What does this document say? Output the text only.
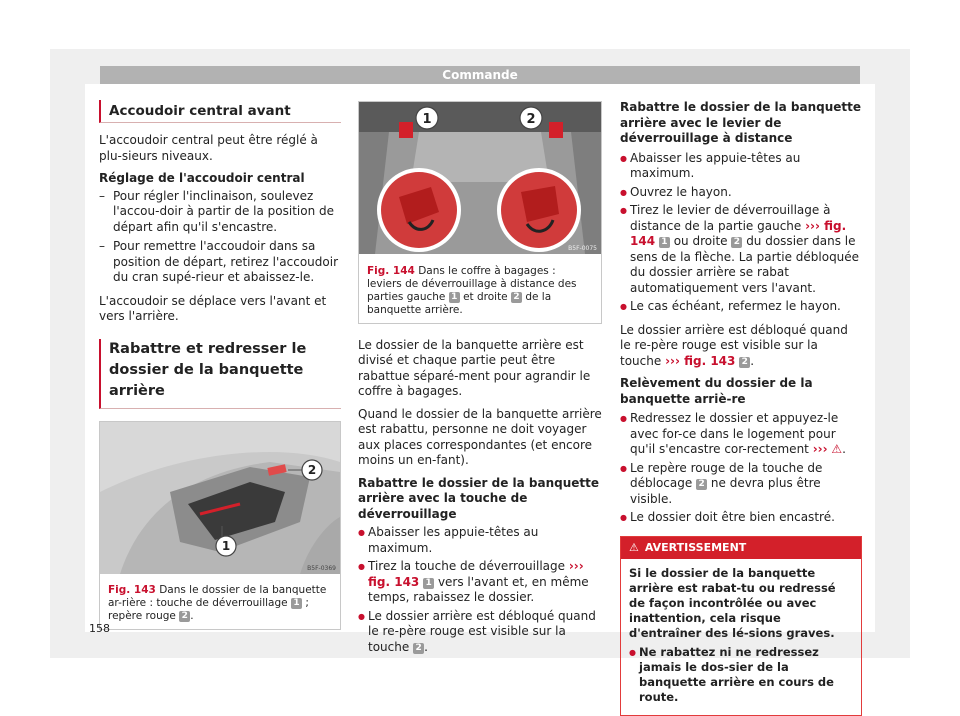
Commande
Accoudoir central avant

L'accoudoir central peut être réglé à plu-sieurs niveaux.

Réglage de l'accoudoir central

– Pour régler l'inclinaison, soulevez l'accou-doir à partir de la position de départ afin qu'il s'encastre.
– Pour remettre l'accoudoir dans sa position de départ, retirez l'accoudoir du cran supé-rieur et abaissez-le.

L'accoudoir se déplace vers l'avant et vers l'arrière.

Rabattre et redresser le dossier de la banquette arrière
2
1
B5F-0369
Fig. 143 Dans le dossier de la banquette ar-rière : touche de déverrouillage 1 ; repère rouge 2 .
1	2
B5F-0075
Fig. 144 Dans le coffre à bagages : leviers de déverrouillage à distance des parties gauche 1 et droite 2 de la banquette arrière.

Le dossier de la banquette arrière est divisé et chaque partie peut être rabattue séparé-ment pour agrandir le coffre à bagages.

Quand le dossier de la banquette arrière est rabattu, personne ne doit voyager aux places correspondantes (et encore moins un en-fant).

Rabattre le dossier de la banquette arrière avec la touche de déverrouillage

● Abaisser les appuie-têtes au maximum.
● Tirez la touche de déverrouillage ››› fig. 143 1 vers l'avant et, en même temps, rabaissez le dossier.
● Le dossier arrière est débloqué quand le re-père rouge est visible sur la touche 2 .

Rabattre le dossier de la banquette arrière avec le levier de déverrouillage à distance

● Abaisser les appuie-têtes au maximum.
● Ouvrez le hayon.
● Tirez le levier de déverrouillage à distance de la partie gauche ››› fig. 144 1 ou droite 2 du dossier dans le sens de la flèche. La partie débloquée du dossier arrière se rabat automatiquement vers l'avant.
● Le cas échéant, refermez le hayon.

Le dossier arrière est débloqué quand le re-père rouge est visible sur la touche ››› fig. 143 2 .

Relèvement du dossier de la banquette arriè-re

● Redressez le dossier et appuyez-le avec for-ce dans le logement pour qu'il s'encastre cor-rectement ››› ⚠.
● Le repère rouge de la touche de déblocage 2 ne devra plus être visible.
● Le dossier doit être bien encastré.
⚠ AVERTISSEMENT
Si le dossier de la banquette arrière est rabat-tu ou redressé de façon incontrôlée ou avec inattention, cela risque d'entraîner des lé-sions graves.
● Ne rabattez ni ne redressez jamais le dos-sier de la banquette arrière en cours de route.
158
